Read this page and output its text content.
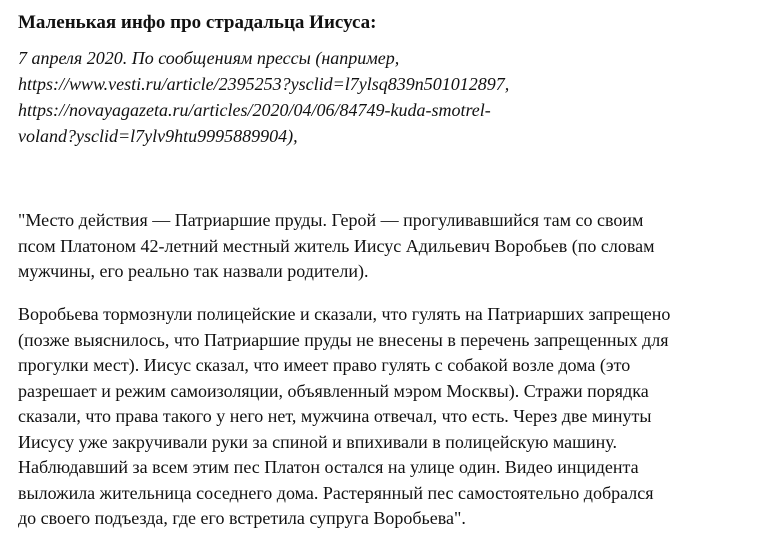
Маленькая инфо про страдальца Иисуса:
7 апреля 2020. По сообщениям прессы (например,
https://www.vesti.ru/article/2395253?ysclid=l7ylsq839n501012897,
https://novayagazeta.ru/articles/2020/04/06/84749-kuda-smotrel-
voland?ysclid=l7ylv9htu9995889904),

"Место действия — Патриаршие пруды. Герой — прогуливавшийся там со своим
псом Платоном 42-летний местный житель Иисус Адильевич Воробьев (по словам
мужчины, его реально так назвали родители).

Воробьева тормознули полицейские и сказали, что гулять на Патриарших запрещено
(позже выяснилось, что Патриаршие пруды не внесены в перечень запрещенных для
прогулки мест). Иисус сказал, что имеет право гулять с собакой возле дома (это
разрешает и режим самоизоляции, объявленный мэром Москвы). Стражи порядка
сказали, что права такого у него нет, мужчина отвечал, что есть. Через две минуты
Иисусу уже закручивали руки за спиной и впихивали в полицейскую машину.
Наблюдавший за всем этим пес Платон остался на улице один. Видео инцидента
выложила жительница соседнего дома. Растерянный пес самостоятельно добрался
до своего подъезда, где его встретила супруга Воробьева".
